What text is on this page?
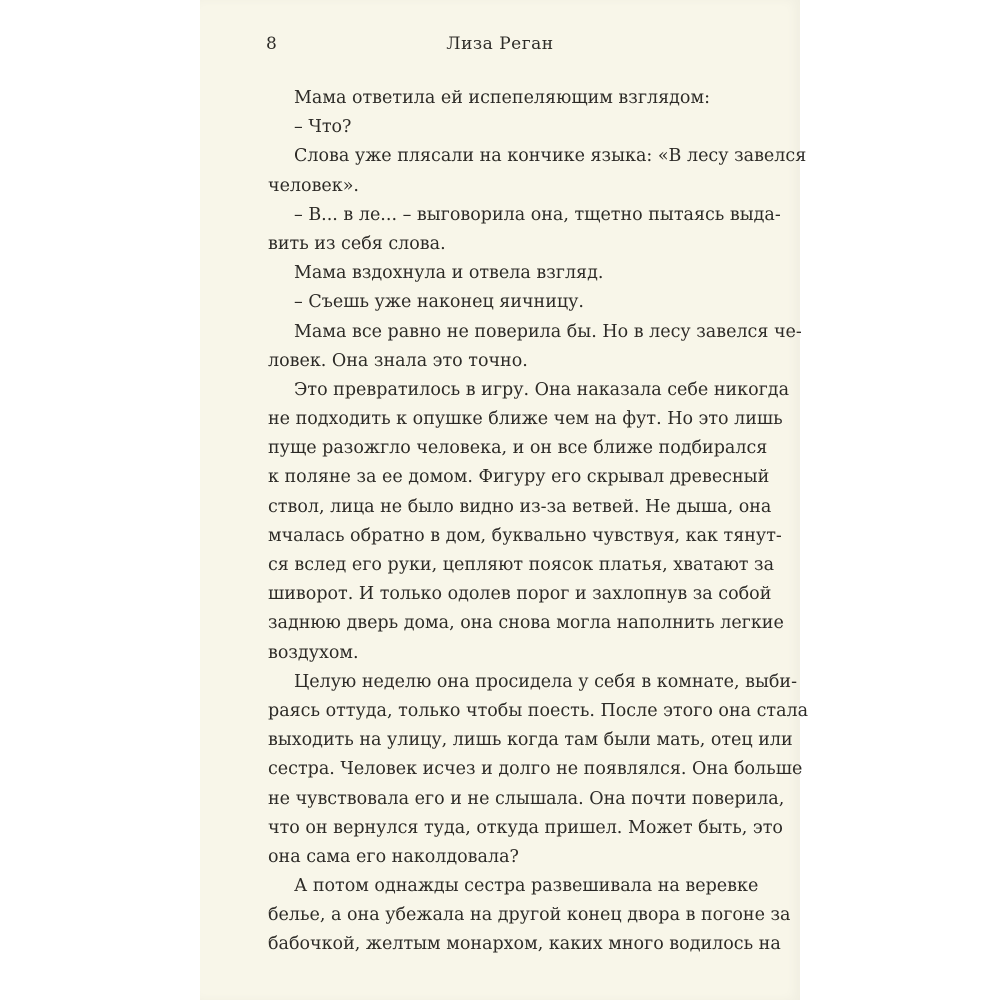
8	Лиза Реган
Мама ответила ей испепеляющим взглядом:
– Что?
Слова уже плясали на кончике языка: «В лесу завелся
человек».
– В... в ле... – выговорила она, тщетно пытаясь выда-
вить из себя слова.
Мама вздохнула и отвела взгляд.
– Съешь уже наконец яичницу.
Мама все равно не поверила бы. Но в лесу завелся че-
ловек. Она знала это точно.
Это превратилось в игру. Она наказала себе никогда
не подходить к опушке ближе чем на фут. Но это лишь
пуще разожгло человека, и он все ближе подбирался
к поляне за ее домом. Фигуру его скрывал древесный
ствол, лица не было видно из-за ветвей. Не дыша, она
мчалась обратно в дом, буквально чувствуя, как тянут-
ся вслед его руки, цепляют поясок платья, хватают за
шиворот. И только одолев порог и захлопнув за собой
заднюю дверь дома, она снова могла наполнить легкие
воздухом.
Целую неделю она просидела у себя в комнате, выби-
раясь оттуда, только чтобы поесть. После этого она стала
выходить на улицу, лишь когда там были мать, отец или
сестра. Человек исчез и долго не появлялся. Она больше
не чувствовала его и не слышала. Она почти поверила,
что он вернулся туда, откуда пришел. Может быть, это
она сама его наколдовала?
А потом однажды сестра развешивала на веревке
белье, а она убежала на другой конец двора в погоне за
бабочкой, желтым монархом, каких много водилось на
